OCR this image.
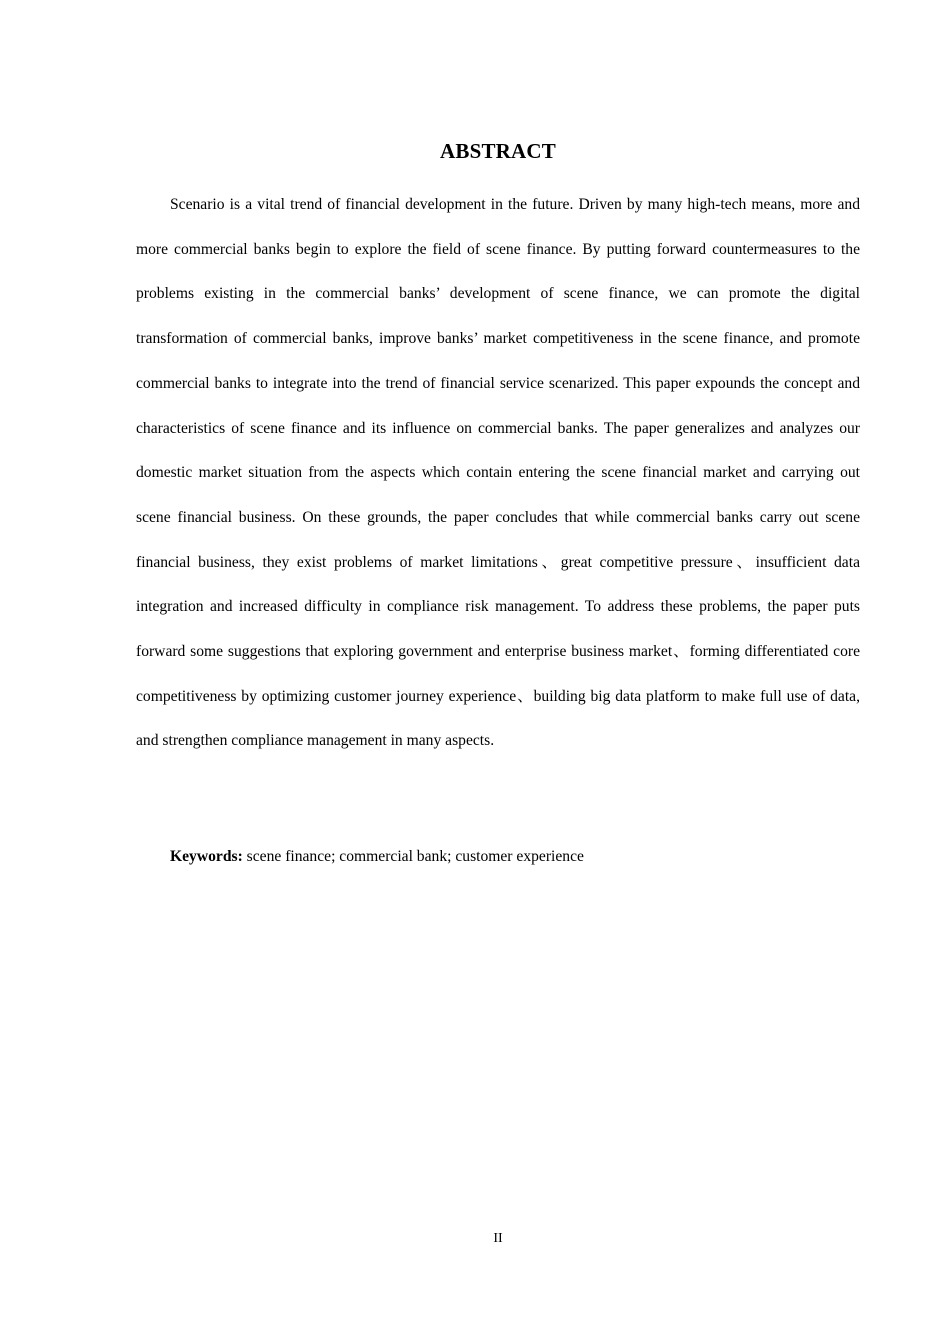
ABSTRACT

Scenario is a vital trend of financial development in the future. Driven by many high-tech means, more and more commercial banks begin to explore the field of scene finance. By putting forward countermeasures to the problems existing in the commercial banks’ development of scene finance, we can promote the digital transformation of commercial banks, improve banks’ market competitiveness in the scene finance, and promote commercial banks to integrate into the trend of financial service scenarized. This paper expounds the concept and characteristics of scene finance and its influence on commercial banks. The paper generalizes and analyzes our domestic market situation from the aspects which contain entering the scene financial market and carrying out scene financial business. On these grounds, the paper concludes that while commercial banks carry out scene financial business, they exist problems of market limitations、great competitive pressure、insufficient data integration and increased difficulty in compliance risk management. To address these problems, the paper puts forward some suggestions that exploring government and enterprise business market、forming differentiated core competitiveness by optimizing customer journey experience、building big data platform to make full use of data, and strengthen compliance management in many aspects.

Keywords: scene finance; commercial bank; customer experience

II
